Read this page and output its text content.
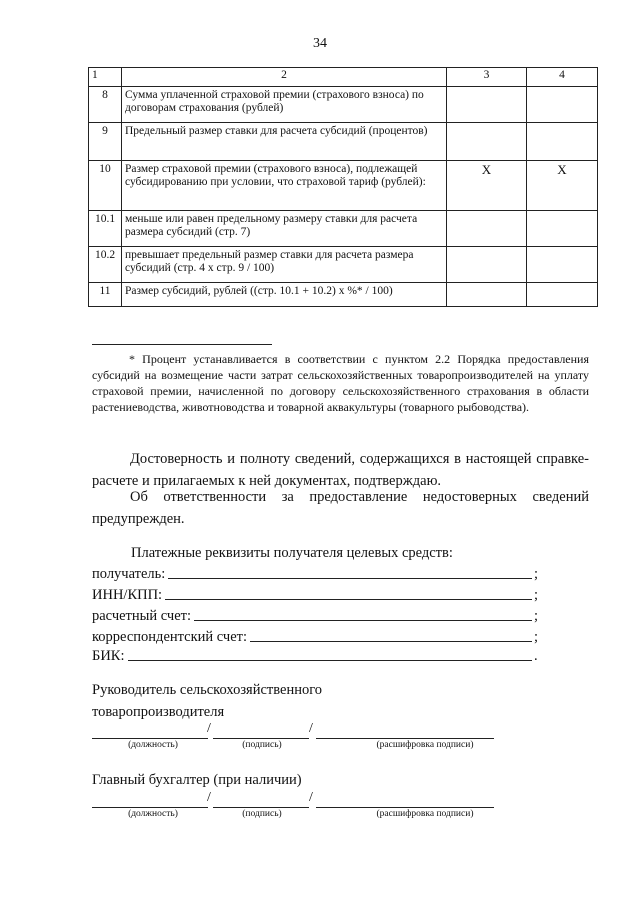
34
1	2	3	4
8	Сумма уплаченной страховой премии (страхового взноса) по договорам страхования (рублей)		
9	Предельный размер ставки для расчета субсидий (процентов)		
10	Размер страховой премии (страхового взноса), подлежащей субсидированию при условии, что страховой тариф (рублей):	X	X
10.1	меньше или равен предельному размеру ставки для расчета размера субсидий (стр. 7)		
10.2	превышает предельный размер ставки для расчета размера субсидий (стр. 4 x стр. 9 / 100)		
11	Размер субсидий, рублей ((стр. 10.1 + 10.2) x %* / 100)		
* Процент устанавливается в соответствии с пунктом 2.2 Порядка предоставления субсидий на возмещение части затрат сельскохозяйственных товаропроизводителей на уплату страховой премии, начисленной по договору сельскохозяйственного страхования в области растениеводства, животноводства и товарной аквакультуры (товарного рыбоводства).
Достоверность и полноту сведений, содержащихся в настоящей справке-расчете и прилагаемых к ней документах, подтверждаю.
Об ответственности за предоставление недостоверных сведений предупрежден.
Платежные реквизиты получателя целевых средств:
получатель:	;
ИНН/КПП:	;
расчетный счет:	;
корреспондентский счет:	;
БИК:	.
Руководитель сельскохозяйственного
товаропроизводителя
/	/
(должность)	(подпись)	(расшифровка подписи)
Главный бухгалтер (при наличии)
/	/
(должность)	(подпись)	(расшифровка подписи)
